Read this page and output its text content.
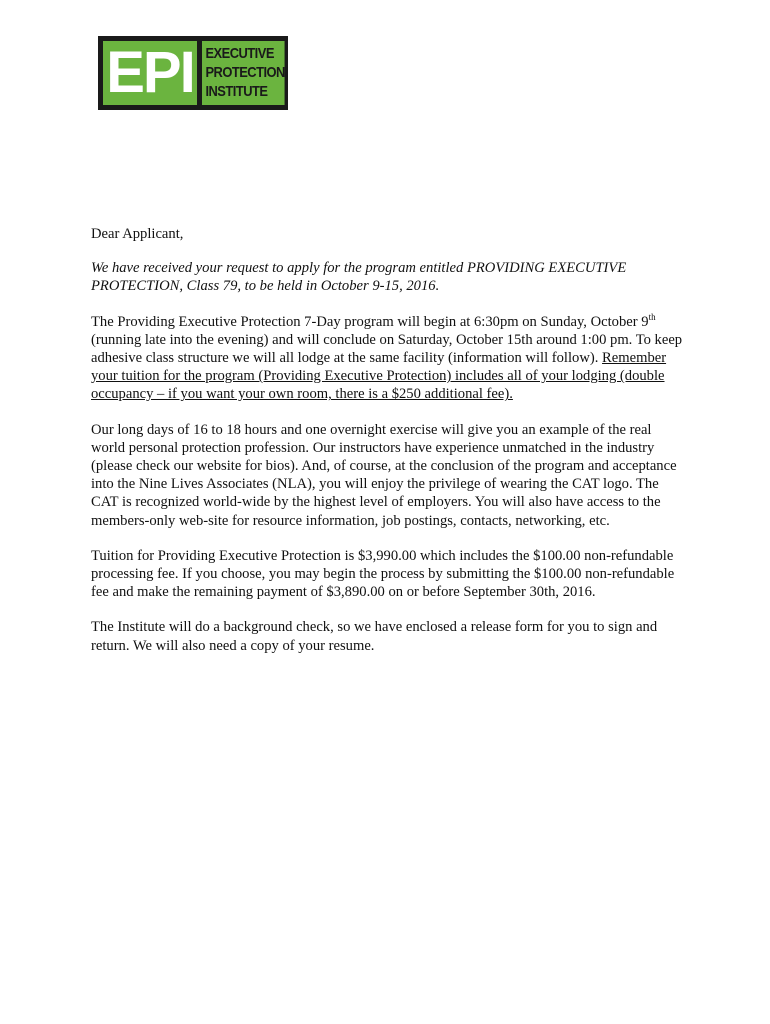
EPI EXECUTIVE
PROTECTION
INSTITUTE

Dear Applicant,

We have received your request to apply for the program entitled PROVIDING EXECUTIVE PROTECTION, Class 79, to be held in October 9-15, 2016.

The Providing Executive Protection 7-Day program will begin at 6:30pm on Sunday, October 9th (running late into the evening) and will conclude on Saturday, October 15th around 1:00 pm. To keep adhesive class structure we will all lodge at the same facility (information will follow). Remember your tuition for the program (Providing Executive Protection) includes all of your lodging (double occupancy – if you want your own room, there is a $250 additional fee).

Our long days of 16 to 18 hours and one overnight exercise will give you an example of the real world personal protection profession. Our instructors have experience unmatched in the industry (please check our website for bios). And, of course, at the conclusion of the program and acceptance into the Nine Lives Associates (NLA), you will enjoy the privilege of wearing the CAT logo. The CAT is recognized world-wide by the highest level of employers. You will also have access to the members-only web-site for resource information, job postings, contacts, networking, etc.

Tuition for Providing Executive Protection is $3,990.00 which includes the $100.00 non-refundable processing fee. If you choose, you may begin the process by submitting the $100.00 non-refundable fee and make the remaining payment of $3,890.00 on or before September 30th, 2016.

The Institute will do a background check, so we have enclosed a release form for you to sign and return. We will also need a copy of your resume.
